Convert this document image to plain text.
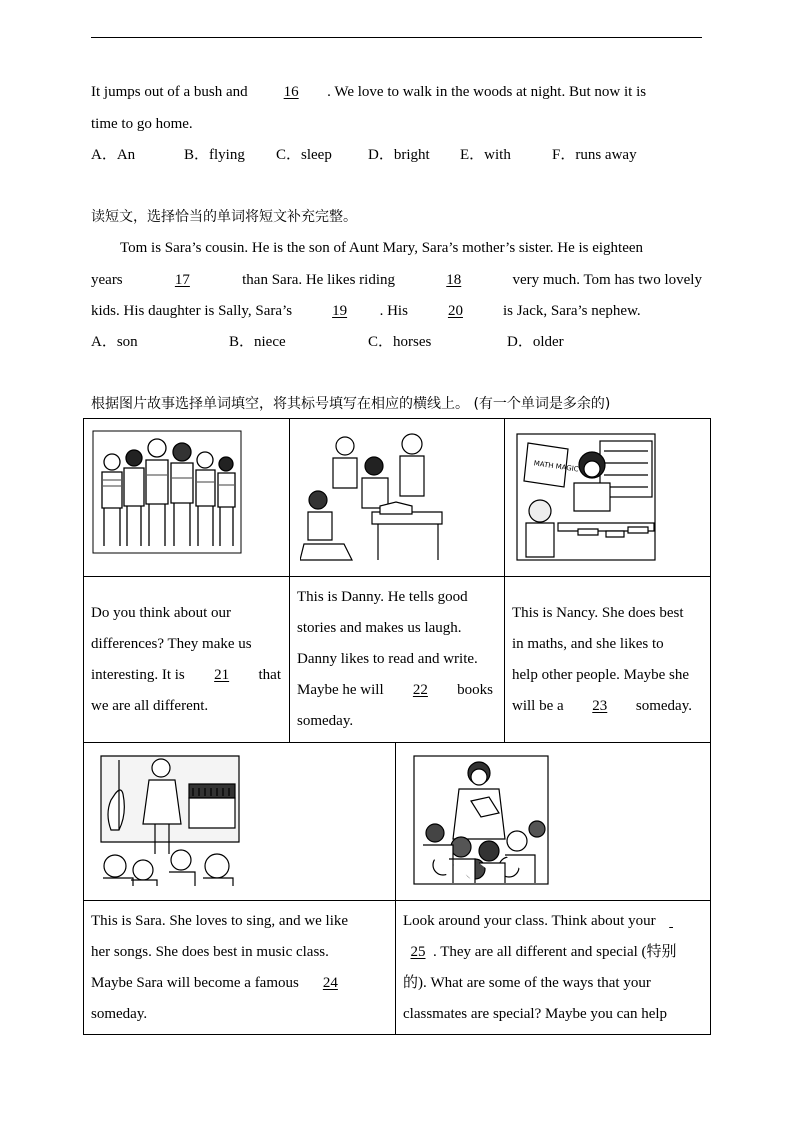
It jumps out of a bush and 16 . We love to walk in the woods at night. But now it is
time to go home.
A．An	B．flying C．sleep D．bright E．with	F．runs away
读短文，选择恰当的单词将短文补充完整。
Tom is Sara’s cousin. He is the son of Aunt Mary, Sara’s mother’s sister. He is eighteen
years	17	than Sara. He likes riding	18	very much. Tom has two lovely
kids. His daughter is Sally, Sara’s	19 . His	20	is Jack, Sara’s nephew.
A．son	B．niece	C．horses	D．older
根据图片故事选择单词填空，将其标号填写在相应的横线上。 (有一个单词是多余的)
MATH MAGIC
Do you think about our
differences? They make us
interesting. It is	21	that
we are all different.
This is Danny. He tells good
stories and makes us laugh.
Danny likes to read and write.
Maybe he will	22	books
someday.
This is Nancy. She does best
in maths, and she likes to
help other people. Maybe she
will be a	23	someday.
This is Sara. She loves to sing, and we like
her songs. She does best in music class.
Maybe Sara will become a famous 24
someday.
Look around your class. Think about your
25 . They are all different and special (特别
的). What are some of the ways that your
classmates are special? Maybe you can help
